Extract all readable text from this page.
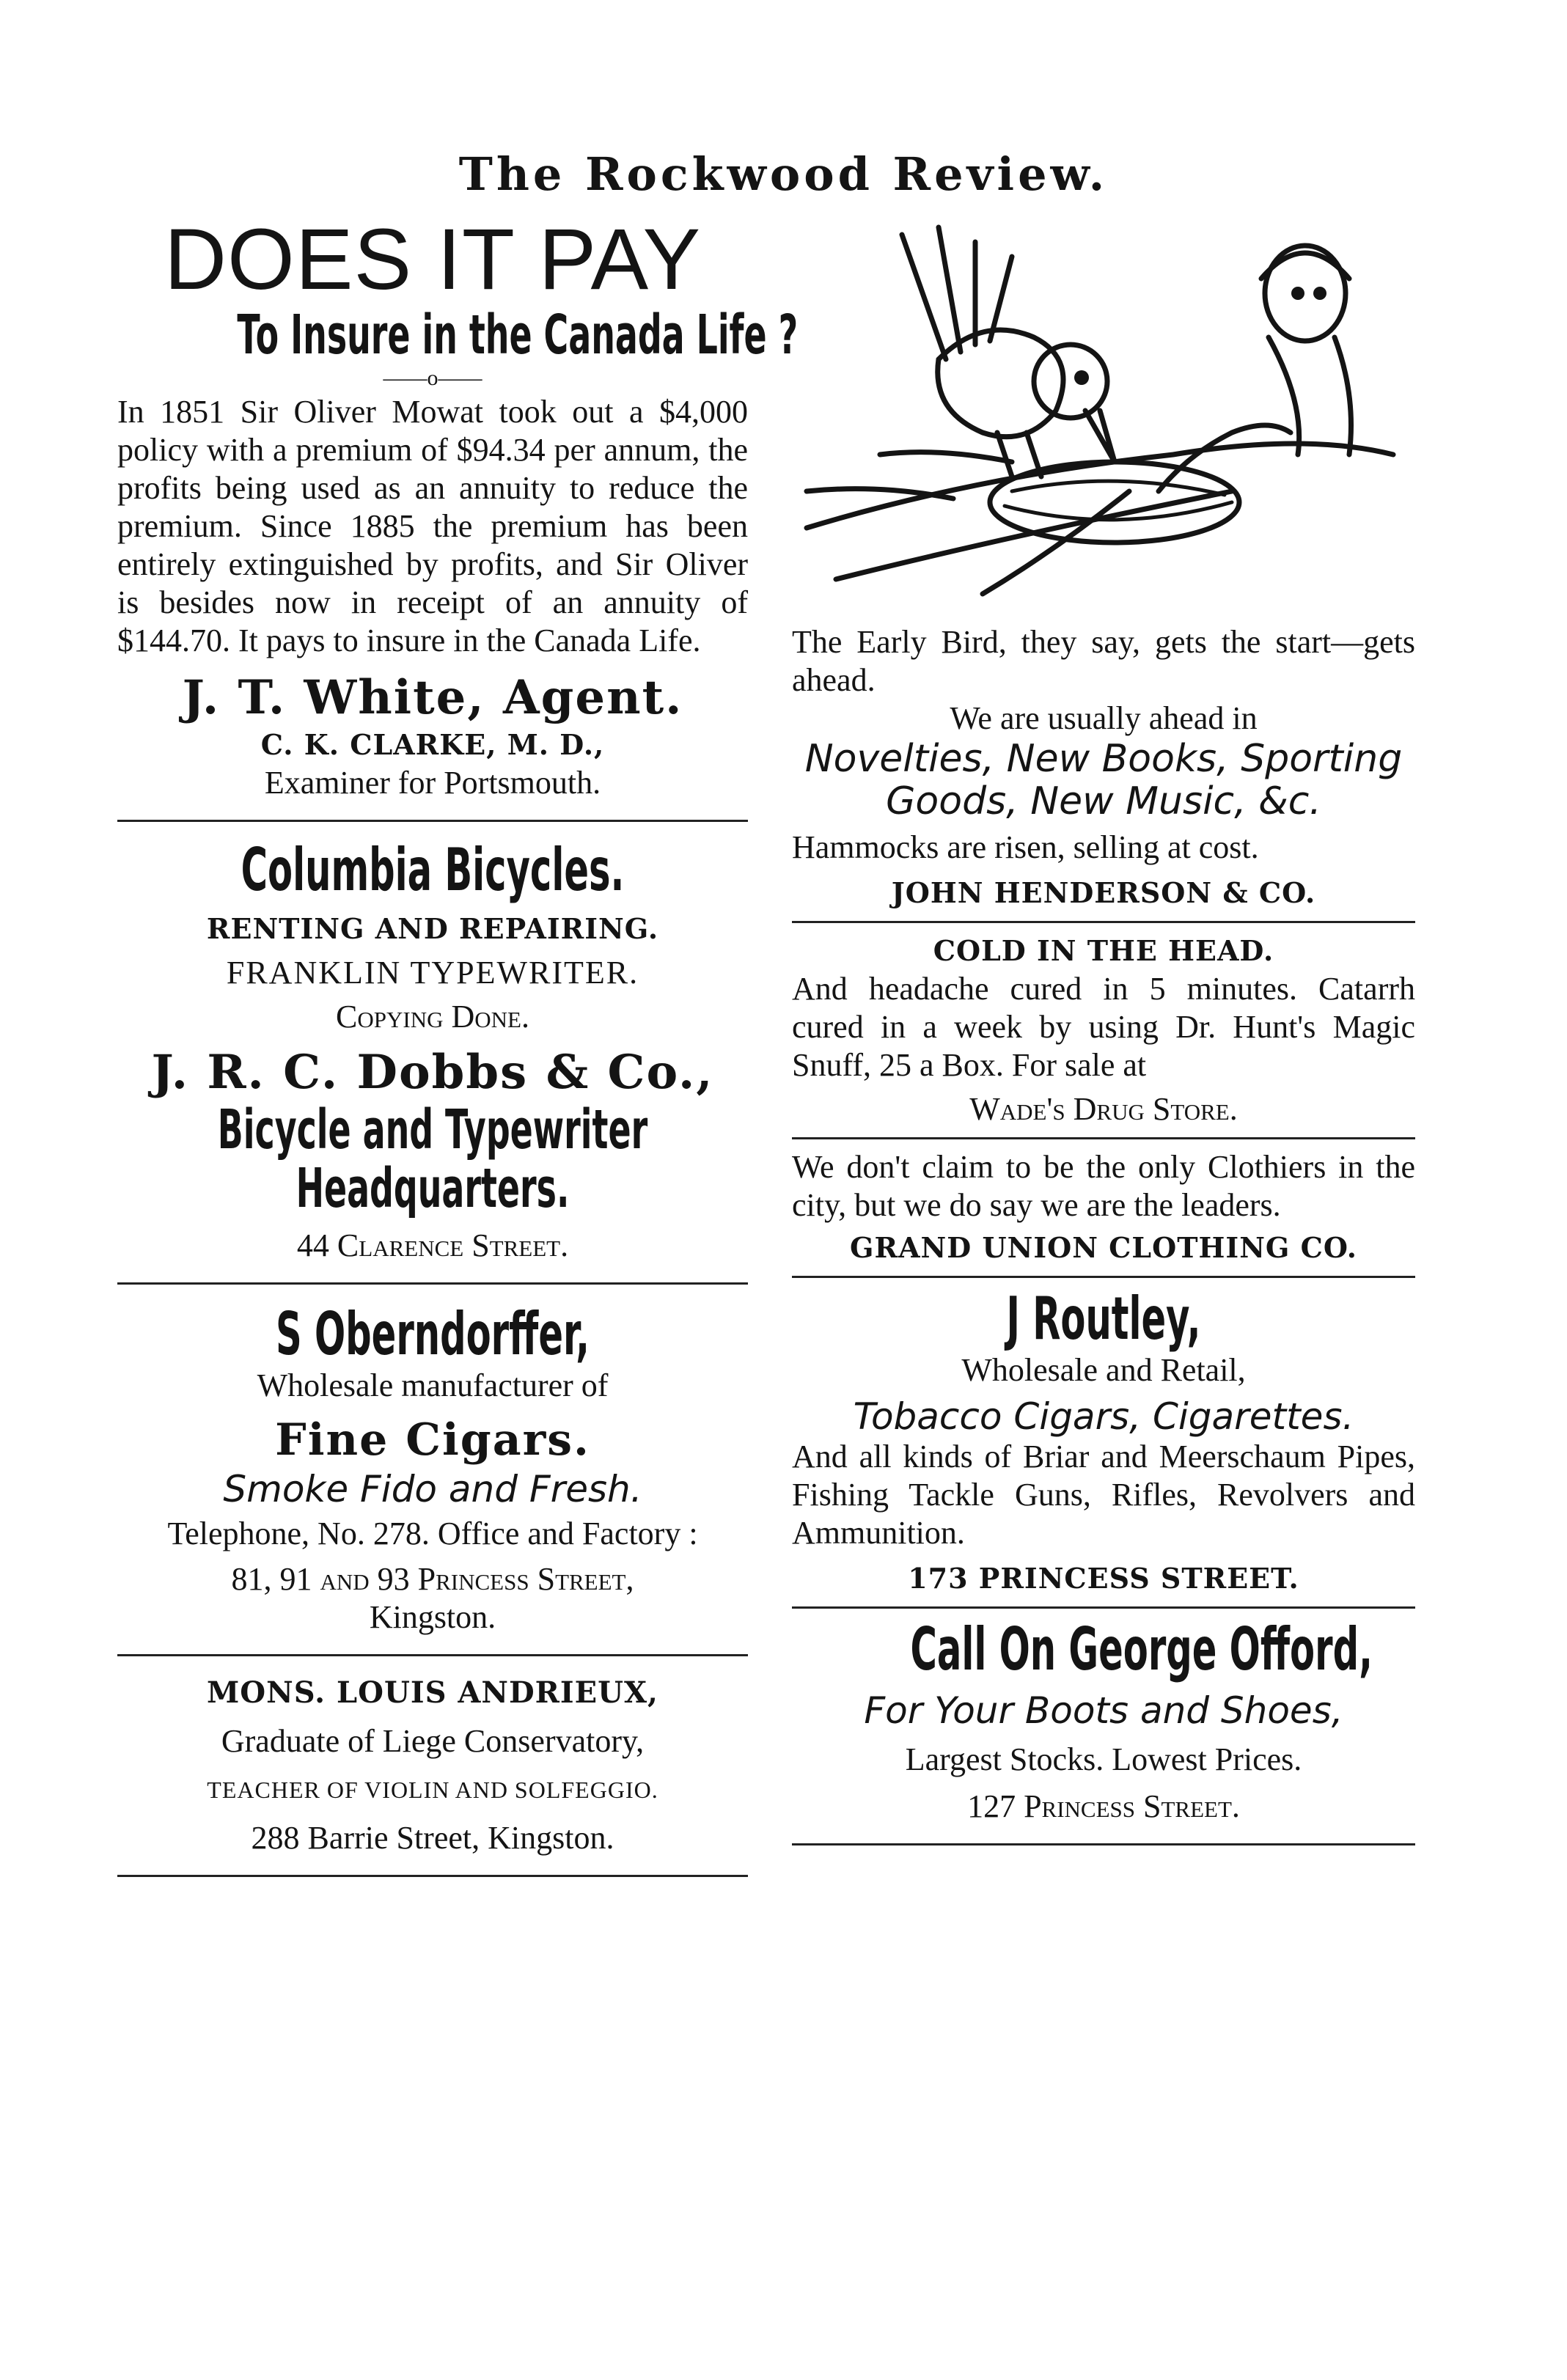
The Rockwood Review.
DOES IT PAY
To Insure in the Canada Life ?
——o——

In 1851 Sir Oliver Mowat took out a $4,000 policy with a premium of $94.34 per annum, the profits being used as an annuity to reduce the premium. Since 1885 the premium has been entirely extinguished by profits, and Sir Oliver is besides now in receipt of an annuity of $144.70. It pays to insure in the Canada Life.

J. T. White, Agent.
C. K. CLARKE, M. D.,
Examiner for Portsmouth.
Columbia Bicycles.
RENTING AND REPAIRING.
FRANKLIN TYPEWRITER.
Copying Done.
J. R. C. Dobbs & Co.,
Bicycle and Typewriter Headquarters.
44 Clarence Street.
S Oberndorffer,
Wholesale manufacturer of
Fine Cigars.
Smoke Fido and Fresh.

Telephone, No. 278. Office and Factory :

81, 91 and 93 Princess Street,
Kingston.
MONS. LOUIS ANDRIEUX,
Graduate of Liege Conservatory,
TEACHER OF VIOLIN AND SOLFEGGIO.
288 Barrie Street, Kingston.

The Early Bird, they say, gets the start—gets ahead.

We are usually ahead in

Novelties, New Books, Sporting Goods, New Music, &c.

Hammocks are risen, selling at cost.

JOHN HENDERSON & CO.
COLD IN THE HEAD.

And headache cured in 5 minutes. Catarrh cured in a week by using Dr. Hunt's Magic Snuff, 25 a Box. For sale at

Wade's Drug Store.

We don't claim to be the only Clothiers in the city, but we do say we are the leaders.

GRAND UNION CLOTHING CO.
J Routley,
Wholesale and Retail,
Tobacco Cigars, Cigarettes.

And all kinds of Briar and Meerschaum Pipes, Fishing Tackle Guns, Rifles, Revolvers and Ammunition.

173 PRINCESS STREET.
Call On George Offord,
For Your Boots and Shoes,
Largest Stocks. Lowest Prices.
127 Princess Street.
